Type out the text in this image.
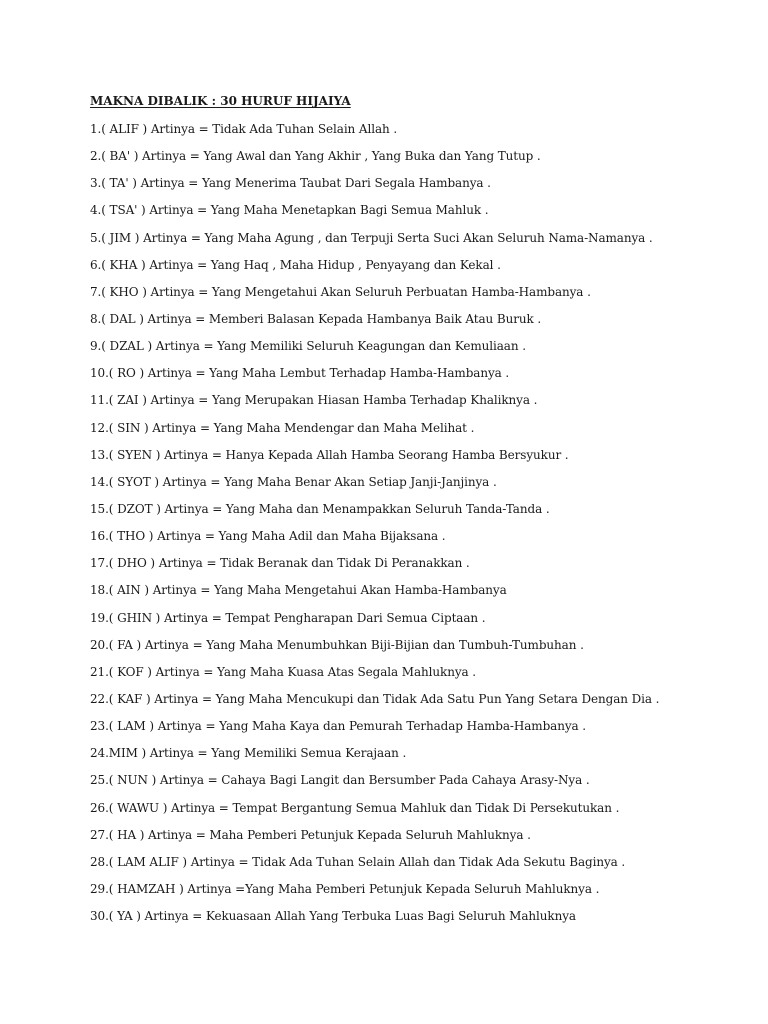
MAKNA DIBALIK : 30 HURUF HIJAIYA
1.( ALIF ) Artinya = Tidak Ada Tuhan Selain Allah .
2.( BA' ) Artinya = Yang Awal dan Yang Akhir , Yang Buka dan Yang Tutup .
3.( TA' ) Artinya = Yang Menerima Taubat Dari Segala Hambanya .
4.( TSA' ) Artinya = Yang Maha Menetapkan Bagi Semua Mahluk .
5.( JIM ) Artinya = Yang Maha Agung , dan Terpuji Serta Suci Akan Seluruh Nama-Namanya .
6.( KHA ) Artinya = Yang Haq , Maha Hidup , Penyayang dan Kekal .
7.( KHO ) Artinya = Yang Mengetahui Akan Seluruh Perbuatan Hamba-Hambanya .
8.( DAL ) Artinya = Memberi Balasan Kepada Hambanya Baik Atau Buruk .
9.( DZAL ) Artinya = Yang Memiliki Seluruh Keagungan dan Kemuliaan .
10.( RO ) Artinya = Yang Maha Lembut Terhadap Hamba-Hambanya .
11.( ZAI ) Artinya = Yang Merupakan Hiasan Hamba Terhadap Khaliknya .
12.( SIN ) Artinya = Yang Maha Mendengar dan Maha Melihat .
13.( SYEN ) Artinya = Hanya Kepada Allah Hamba Seorang Hamba Bersyukur .
14.( SYOT ) Artinya = Yang Maha Benar Akan Setiap Janji-Janjinya .
15.( DZOT ) Artinya = Yang Maha dan Menampakkan Seluruh Tanda-Tanda .
16.( THO ) Artinya = Yang Maha Adil dan Maha Bijaksana .
17.( DHO ) Artinya = Tidak Beranak dan Tidak Di Peranakkan .
18.( AIN ) Artinya = Yang Maha Mengetahui Akan Hamba-Hambanya
19.( GHIN ) Artinya = Tempat Pengharapan Dari Semua Ciptaan .
20.( FA ) Artinya = Yang Maha Menumbuhkan Biji-Bijian dan Tumbuh-Tumbuhan .
21.( KOF ) Artinya = Yang Maha Kuasa Atas Segala Mahluknya .
22.( KAF ) Artinya = Yang Maha Mencukupi dan Tidak Ada Satu Pun Yang Setara Dengan Dia .
23.( LAM ) Artinya = Yang Maha Kaya dan Pemurah Terhadap Hamba-Hambanya .
24.MIM ) Artinya = Yang Memiliki Semua Kerajaan .
25.( NUN ) Artinya = Cahaya Bagi Langit dan Bersumber Pada Cahaya Arasy-Nya .
26.( WAWU ) Artinya = Tempat Bergantung Semua Mahluk dan Tidak Di Persekutukan .
27.( HA ) Artinya = Maha Pemberi Petunjuk Kepada Seluruh Mahluknya .
28.( LAM ALIF ) Artinya = Tidak Ada Tuhan Selain Allah dan Tidak Ada Sekutu Baginya .
29.( HAMZAH ) Artinya =Yang Maha Pemberi Petunjuk Kepada Seluruh Mahluknya .
30.( YA ) Artinya = Kekuasaan Allah Yang Terbuka Luas Bagi Seluruh Mahluknya
